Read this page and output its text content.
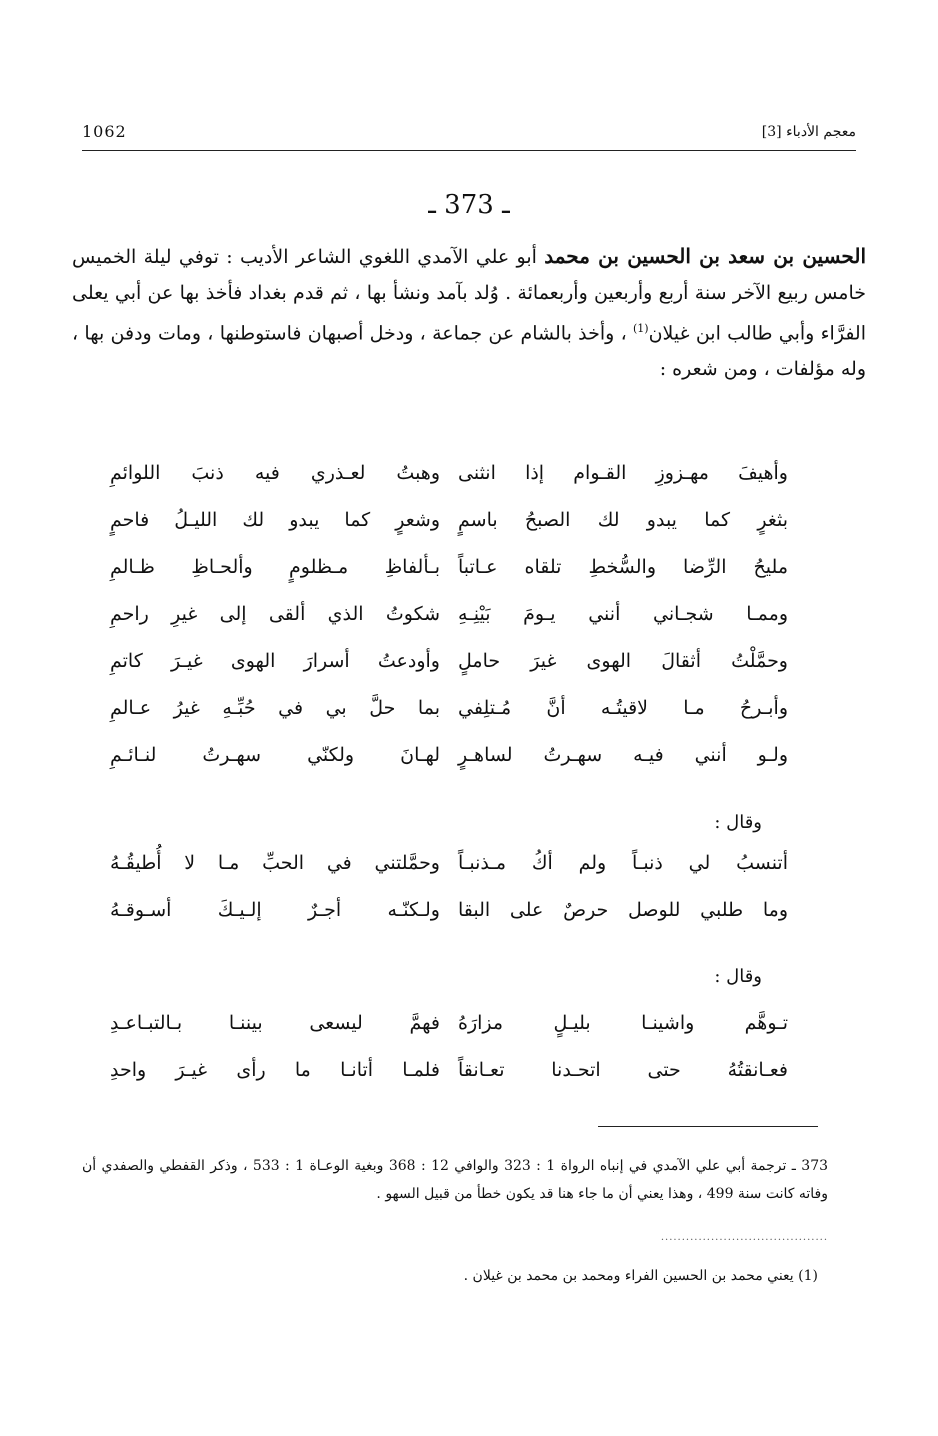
معجم الأدباء [3]
1062
ـ 373 ـ
الحسين بن سعد بن الحسين بن محمد أبو علي الآمدي اللغوي الشاعر الأديب : توفي ليلة الخميس خامس ربيع الآخر سنة أربع وأربعين وأربعمائة . وُلد بآمد ونشأ بها ، ثم قدم بغداد فأخذ بها عن أبي يعلى الفرَّاء وأبي طالب ابن غيلان$^{(1)}$ ، وأخذ بالشام عن جماعة ، ودخل أصبهان فاستوطنها ، ومات ودفن بها ، وله مؤلفات ، ومن شعره :
وأهيفَ مهـزوزِ القـوام إذا انثنى
وهبتُ لعـذري فيه ذنبَ اللوائمِ
بثغرٍ كما يبدو لك الصبحُ باسمٍ
وشعرٍ كما يبدو لك الليـلُ فاحمٍ
مليحُ الرِّضا والسُّخطِ تلقاه عـاتباً
بـألفاظِ مـظلومٍ وألحـاظِ ظـالمِ
وممـا شجـاني أنني يـومَ بَيْنِـهِ
شكوتُ الذي ألقى إلى غيرِ راحمِ
وحمَّلْتُ أثقالَ الهوى غيرَ حاملٍ
وأودعتُ أسرارَ الهوى غيـرَ كاتمِ
وأبـرحُ مـا لاقيتُـه أنَّ مُـتلِفي
بما حلَّ بي في حُبِّـهِ غيرُ عـالمِ
ولـو أنني فيـه سهـرتُ لساهـرٍ
لهـانَ ولكنّي سهـرتُ لنـائـمِ
وقال :
أتنسبُ لي ذنبـاً ولم أكُ مـذنبـاً
وحمَّلتني في الحبِّ مـا لا أُطيقُـهُ
وما طلبي للوصل حرصٌ على البقا
ولـكنّـه أجـرٌ إلـيـكَ أسـوقـهُ
وقال :
تـوهَّم واشينـا بليـلٍ مزارَهُ
فهمَّ ليسعى بيننـا بـالتبـاعـدِ
فعـانقتُهُ حتى اتحـدنا تعـانقاً
فلمـا أتانـا ما رأى غيـرَ واحدِ
373 ـ ترجمة أبي علي الآمدي في إنباه الرواة 1 : 323 والوافي 12 : 368 وبغية الوعـاة 1 : 533 ، وذكر القفطي والصفدي أن وفاته كانت سنة 499 ، وهذا يعني أن ما جاء هنا قد يكون خطأ من قبيل السهو .
........................................
(1) يعني محمد بن الحسين الفراء ومحمد بن محمد بن غيلان .
